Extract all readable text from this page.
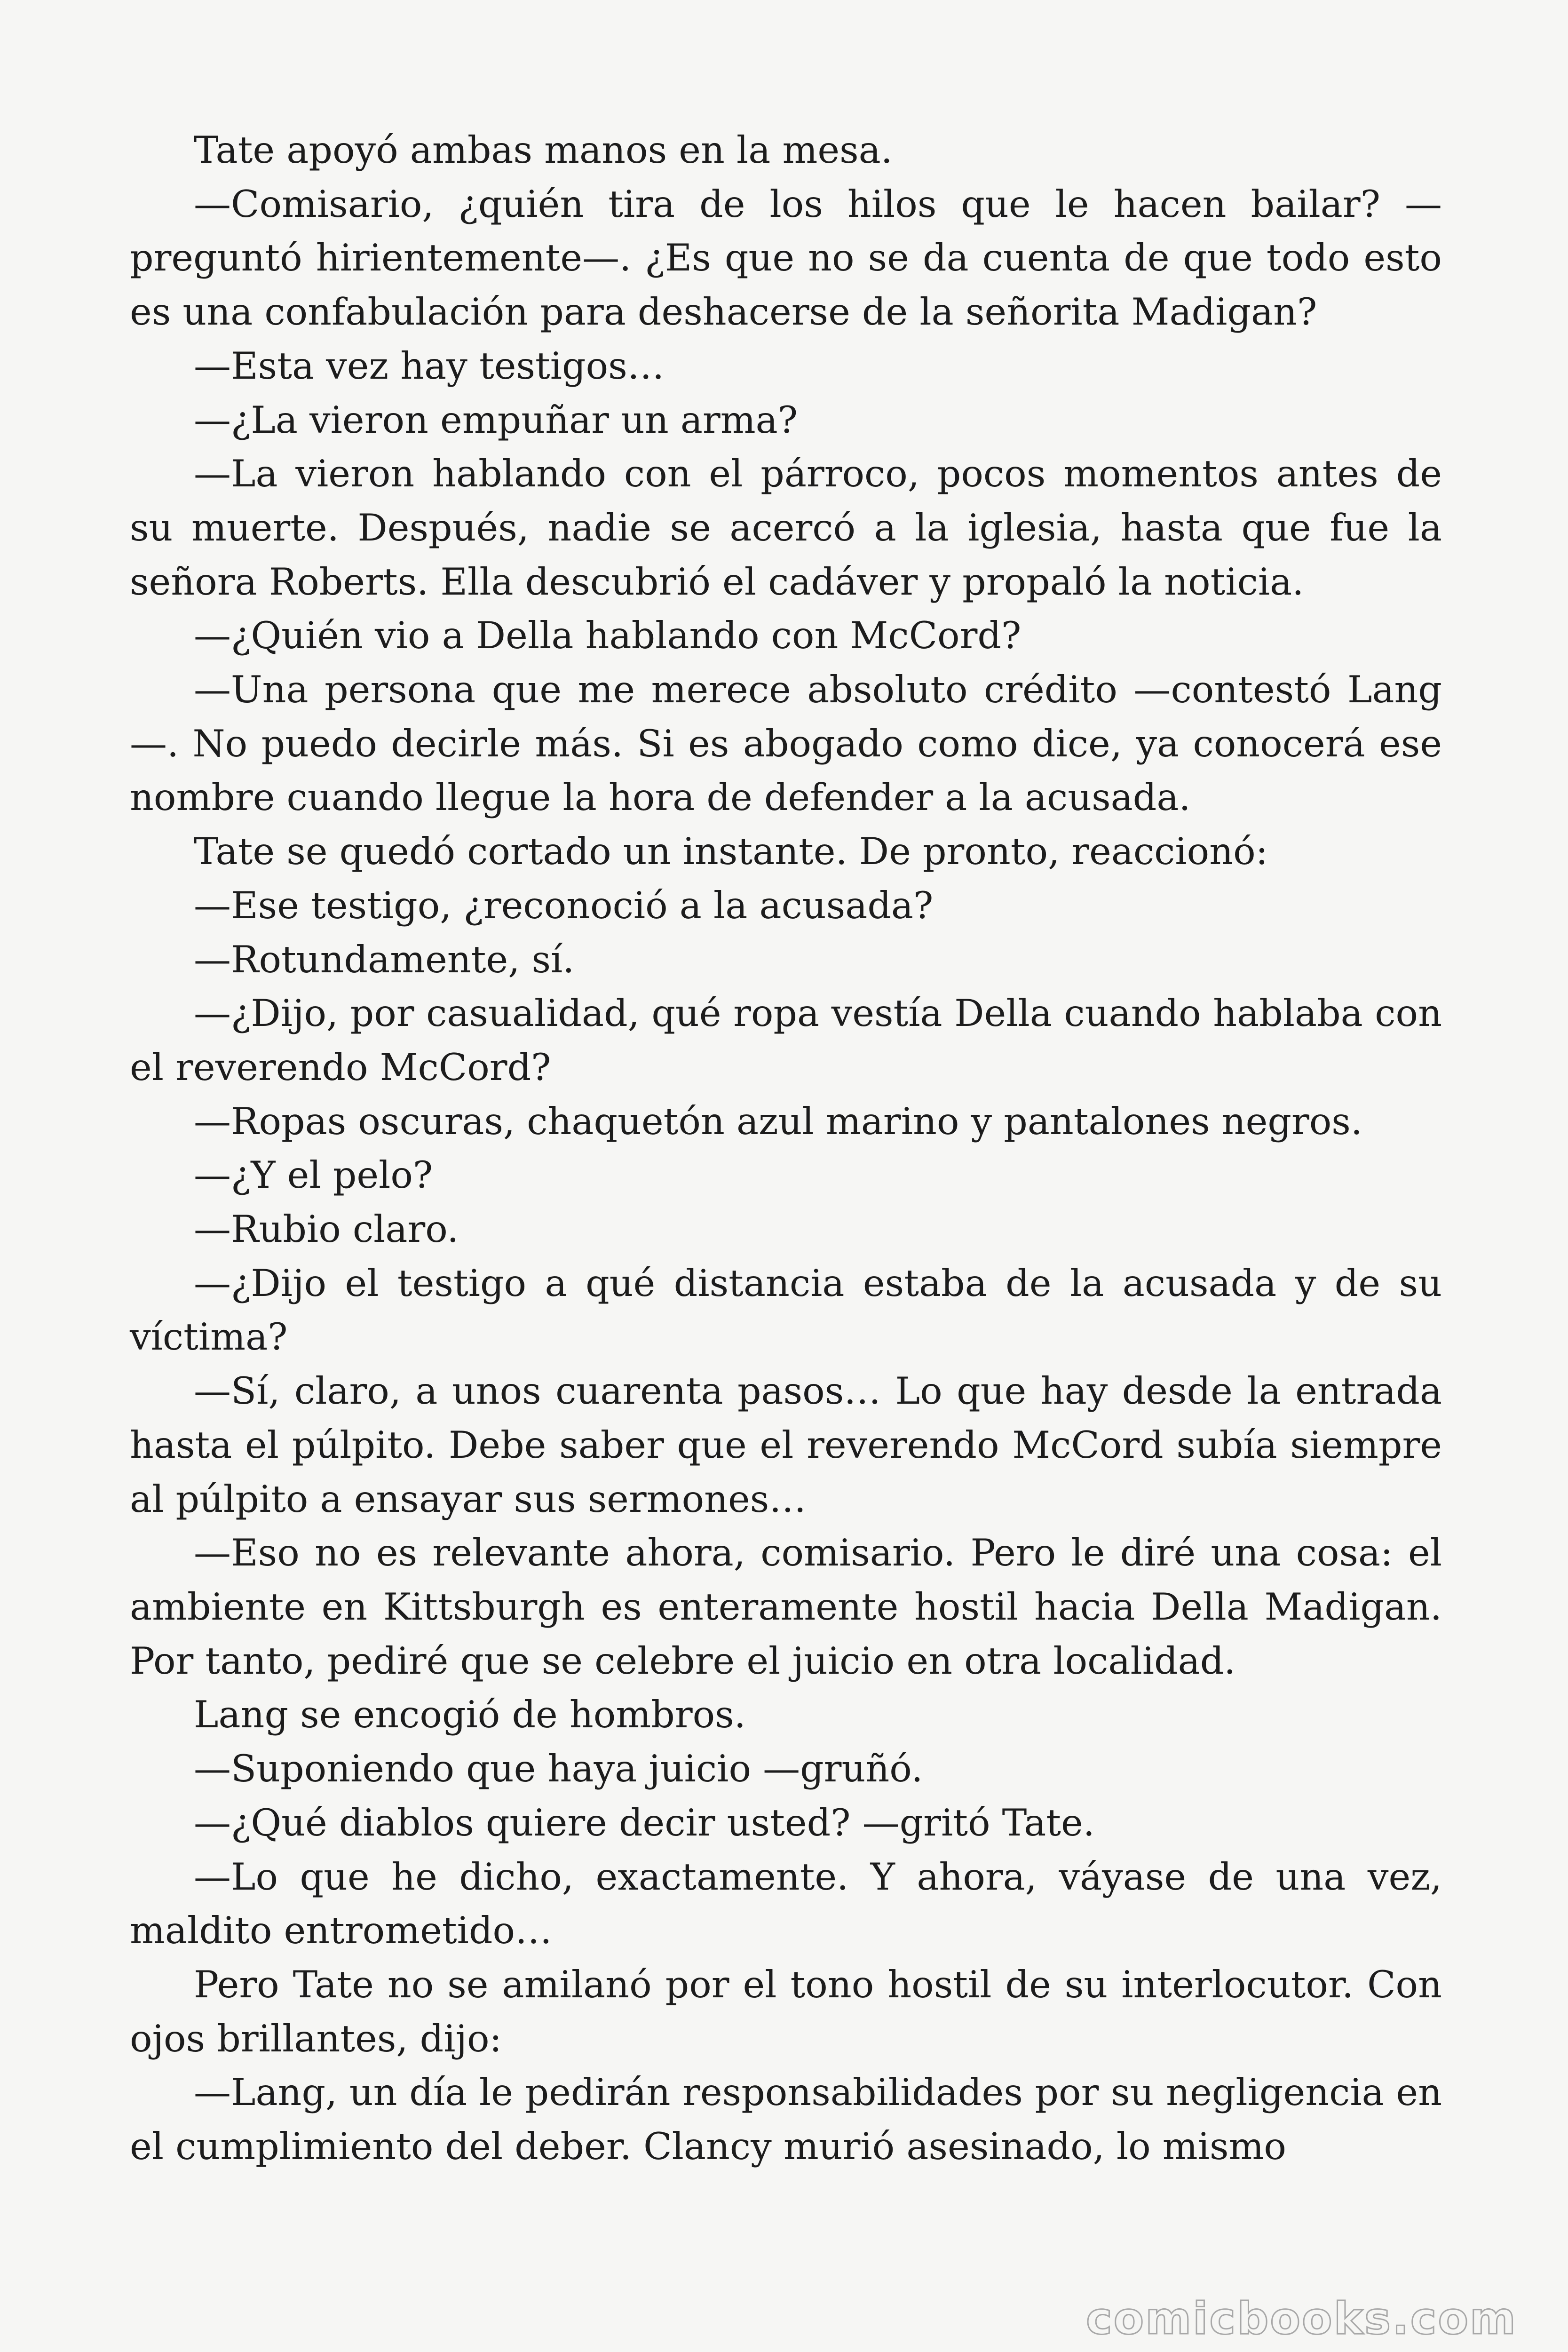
Tate apoyó ambas manos en la mesa.

—Comisario, ¿quién tira de los hilos que le hacen bailar? —preguntó hirientemente—. ¿Es que no se da cuenta de que todo esto es una confabulación para deshacerse de la señorita Madigan?

—Esta vez hay testigos…

—¿La vieron empuñar un arma?

—La vieron hablando con el párroco, pocos momentos antes de su muerte. Después, nadie se acercó a la iglesia, hasta que fue la señora Roberts. Ella descubrió el cadáver y propaló la noticia.

—¿Quién vio a Della hablando con McCord?

—Una persona que me merece absoluto crédito —contestó Lang —. No puedo decirle más. Si es abogado como dice, ya conocerá ese nombre cuando llegue la hora de defender a la acusada.

Tate se quedó cortado un instante. De pronto, reaccionó:

—Ese testigo, ¿reconoció a la acusada?

—Rotundamente, sí.

—¿Dijo, por casualidad, qué ropa vestía Della cuando hablaba con el reverendo McCord?

—Ropas oscuras, chaquetón azul marino y pantalones negros.

—¿Y el pelo?

—Rubio claro.

—¿Dijo el testigo a qué distancia estaba de la acusada y de su víctima?

—Sí, claro, a unos cuarenta pasos… Lo que hay desde la entrada hasta el púlpito. Debe saber que el reverendo McCord subía siempre al púlpito a ensayar sus sermones…

—Eso no es relevante ahora, comisario. Pero le diré una cosa: el ambiente en Kittsburgh es enteramente hostil hacia Della Madigan. Por tanto, pediré que se celebre el juicio en otra localidad.

Lang se encogió de hombros.

—Suponiendo que haya juicio —gruñó.

—¿Qué diablos quiere decir usted? —gritó Tate.

—Lo que he dicho, exactamente. Y ahora, váyase de una vez, maldito entrometido…

Pero Tate no se amilanó por el tono hostil de su interlocutor. Con ojos brillantes, dijo:

—Lang, un día le pedirán responsabilidades por su negligencia en el cumplimiento del deber. Clancy murió asesinado, lo mismo

comicbooks.com
